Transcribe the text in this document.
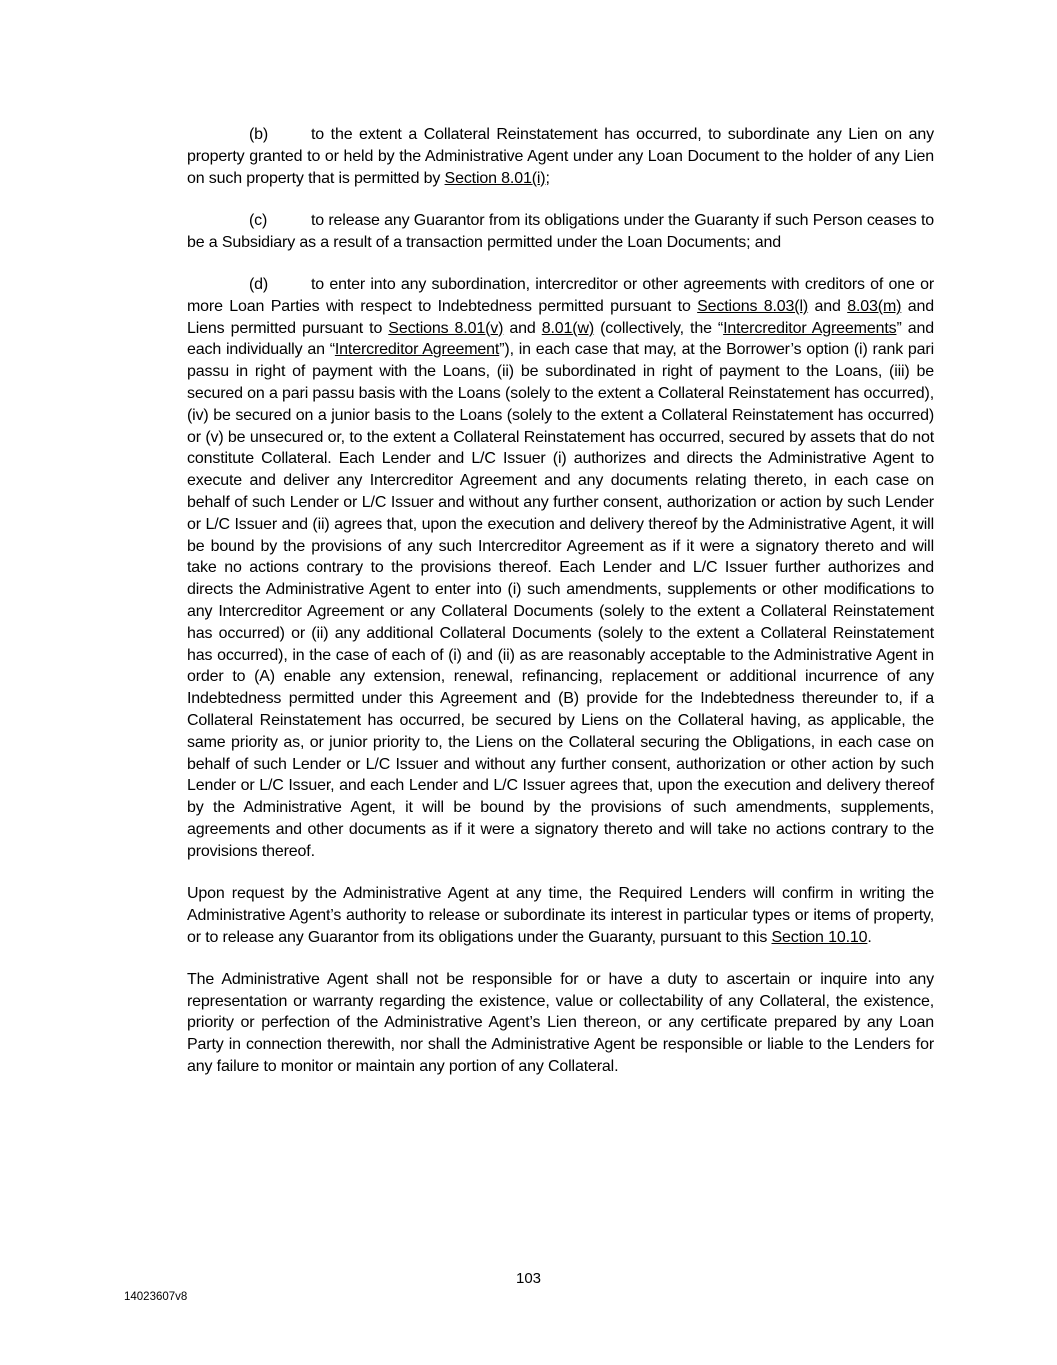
(b)	to the extent a Collateral Reinstatement has occurred, to subordinate any Lien on any property granted to or held by the Administrative Agent under any Loan Document to the holder of any Lien on such property that is permitted by Section 8.01(i);

(c)	to release any Guarantor from its obligations under the Guaranty if such Person ceases to be a Subsidiary as a result of a transaction permitted under the Loan Documents; and

(d)	to enter into any subordination, intercreditor or other agreements with creditors of one or more Loan Parties with respect to Indebtedness permitted pursuant to Sections 8.03(l) and 8.03(m) and Liens permitted pursuant to Sections 8.01(v) and 8.01(w) (collectively, the “Intercreditor Agreements” and each individually an “Intercreditor Agreement”), in each case that may, at the Borrower’s option (i) rank pari passu in right of payment with the Loans, (ii) be subordinated in right of payment to the Loans, (iii) be secured on a pari passu basis with the Loans (solely to the extent a Collateral Reinstatement has occurred), (iv) be secured on a junior basis to the Loans (solely to the extent a Collateral Reinstatement has occurred) or (v) be unsecured or, to the extent a Collateral Reinstatement has occurred, secured by assets that do not constitute Collateral. Each Lender and L/C Issuer (i) authorizes and directs the Administrative Agent to execute and deliver any Intercreditor Agreement and any documents relating thereto, in each case on behalf of such Lender or L/C Issuer and without any further consent, authorization or action by such Lender or L/C Issuer and (ii) agrees that, upon the execution and delivery thereof by the Administrative Agent, it will be bound by the provisions of any such Intercreditor Agreement as if it were a signatory thereto and will take no actions contrary to the provisions thereof. Each Lender and L/C Issuer further authorizes and directs the Administrative Agent to enter into (i) such amendments, supplements or other modifications to any Intercreditor Agreement or any Collateral Documents (solely to the extent a Collateral Reinstatement has occurred) or (ii) any additional Collateral Documents (solely to the extent a Collateral Reinstatement has occurred), in the case of each of (i) and (ii) as are reasonably acceptable to the Administrative Agent in order to (A) enable any extension, renewal, refinancing, replacement or additional incurrence of any Indebtedness permitted under this Agreement and (B) provide for the Indebtedness thereunder to, if a Collateral Reinstatement has occurred, be secured by Liens on the Collateral having, as applicable, the same priority as, or junior priority to, the Liens on the Collateral securing the Obligations, in each case on behalf of such Lender or L/C Issuer and without any further consent, authorization or other action by such Lender or L/C Issuer, and each Lender and L/C Issuer agrees that, upon the execution and delivery thereof by the Administrative Agent, it will be bound by the provisions of such amendments, supplements, agreements and other documents as if it were a signatory thereto and will take no actions contrary to the provisions thereof.

Upon request by the Administrative Agent at any time, the Required Lenders will confirm in writing the Administrative Agent’s authority to release or subordinate its interest in particular types or items of property, or to release any Guarantor from its obligations under the Guaranty, pursuant to this Section 10.10.

The Administrative Agent shall not be responsible for or have a duty to ascertain or inquire into any representation or warranty regarding the existence, value or collectability of any Collateral, the existence, priority or perfection of the Administrative Agent’s Lien thereon, or any certificate prepared by any Loan Party in connection therewith, nor shall the Administrative Agent be responsible or liable to the Lenders for any failure to monitor or maintain any portion of any Collateral.

103
14023607v8
